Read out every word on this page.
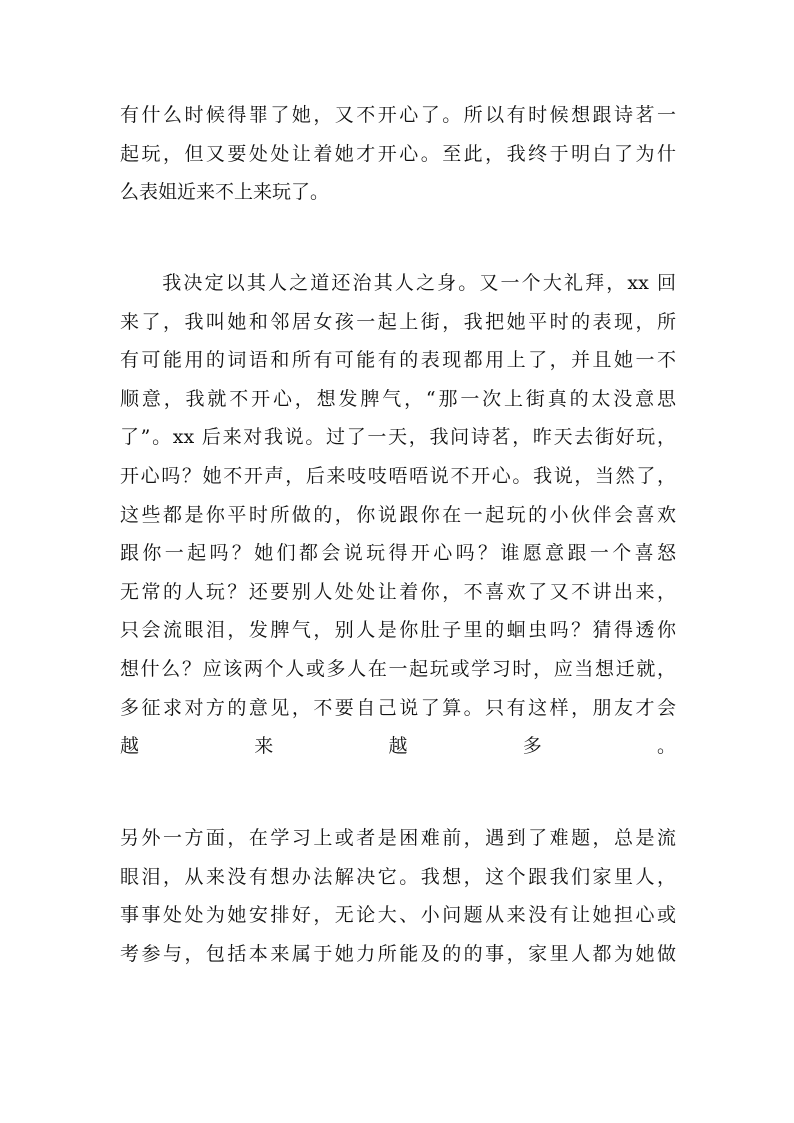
有什么时候得罪了她，又不开心了。所以有时候想跟诗茗一
起玩，但又要处处让着她才开心。至此，我终于明白了为什
么表姐近来不上来玩了。
　　我决定以其人之道还治其人之身。又一个大礼拜，xx 回
来了，我叫她和邻居女孩一起上街，我把她平时的表现，所
有可能用的词语和所有可能有的表现都用上了，并且她一不
顺意，我就不开心，想发脾气，“那一次上街真的太没意思
了”。xx 后来对我说。过了一天，我问诗茗，昨天去街好玩，
开心吗？她不开声，后来吱吱唔唔说不开心。我说，当然了，
这些都是你平时所做的，你说跟你在一起玩的小伙伴会喜欢
跟你一起吗？她们都会说玩得开心吗？谁愿意跟一个喜怒
无常的人玩？还要别人处处让着你，不喜欢了又不讲出来，
只会流眼泪，发脾气，别人是你肚子里的蛔虫吗？猜得透你
想什么？应该两个人或多人在一起玩或学习时，应当想迁就，
多征求对方的意见，不要自己说了算。只有这样，朋友才会
越来越多。
另外一方面，在学习上或者是困难前，遇到了难题，总是流
眼泪，从来没有想办法解决它。我想，这个跟我们家里人，
事事处处为她安排好，无论大、小问题从来没有让她担心或
考参与，包括本来属于她力所能及的的事，家里人都为她做
